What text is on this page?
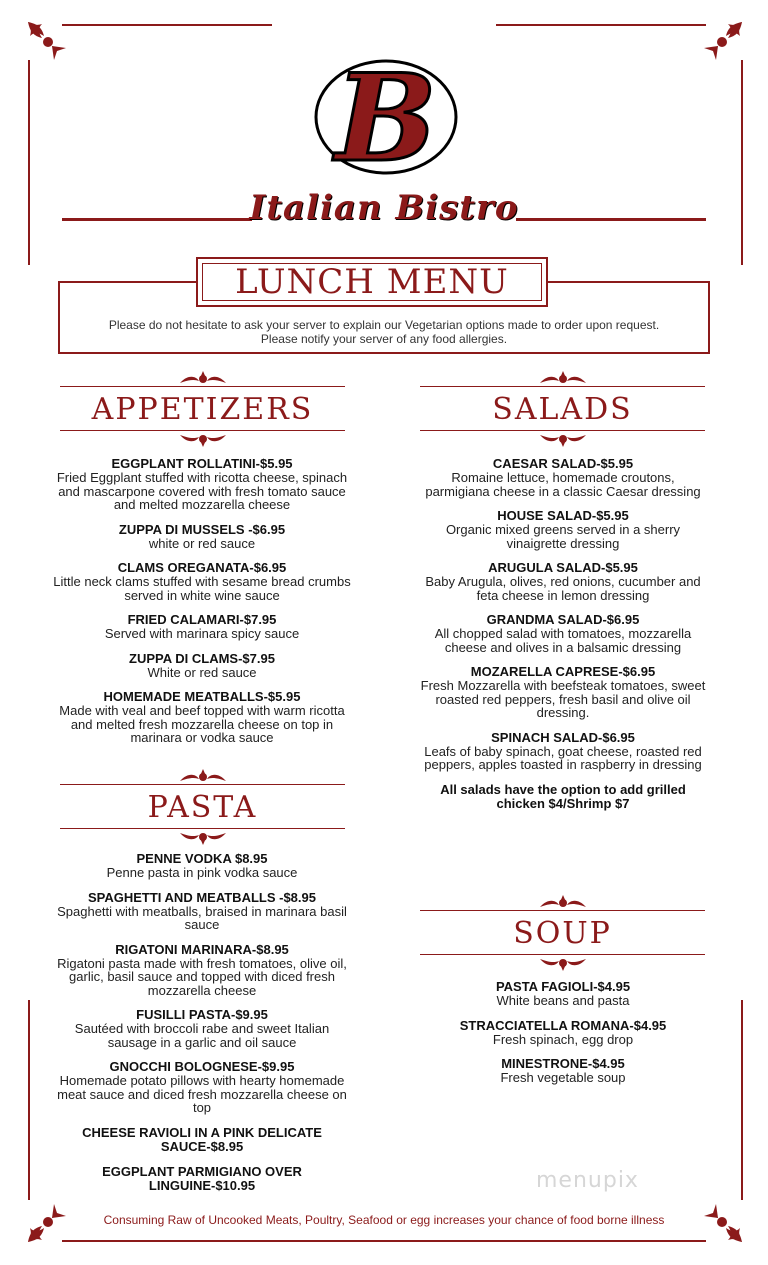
B
Italian Bistro
LUNCH MENU
Please do not hesitate to ask your server to explain our Vegetarian options made to order upon request.
Please notify your server of any food allergies.
APPETIZERS	SALADS
PASTA
SOUP
EGGPLANT ROLLATINI-$5.95
Fried Eggplant stuffed with ricotta cheese, spinach and mascarpone covered with fresh tomato sauce and melted mozzarella cheese
ZUPPA DI MUSSELS -$6.95
white or red sauce
CLAMS OREGANATA-$6.95
Little neck clams stuffed with sesame bread crumbs served in white wine sauce
FRIED CALAMARI-$7.95
Served with marinara spicy sauce
ZUPPA DI CLAMS-$7.95
White or red sauce
HOMEMADE MEATBALLS-$5.95
Made with veal and beef topped with warm ricotta and melted fresh mozzarella cheese on top in marinara or vodka sauce
PENNE VODKA $8.95
Penne pasta in pink vodka sauce
SPAGHETTI AND MEATBALLS -$8.95
Spaghetti with meatballs, braised in marinara basil sauce
RIGATONI MARINARA-$8.95
Rigatoni pasta made with fresh tomatoes, olive oil, garlic, basil sauce and topped with diced fresh mozzarella cheese
FUSILLI PASTA-$9.95
Sautéed with broccoli rabe and sweet Italian sausage in a garlic and oil sauce
GNOCCHI BOLOGNESE-$9.95
Homemade potato pillows with hearty homemade meat sauce and diced fresh mozzarella cheese on top
CHEESE RAVIOLI IN A PINK DELICATE SAUCE-$8.95
EGGPLANT PARMIGIANO OVER LINGUINE-$10.95
CAESAR SALAD-$5.95
Romaine lettuce, homemade croutons, parmigiana cheese in a classic Caesar dressing
HOUSE SALAD-$5.95
Organic mixed greens served in a sherry vinaigrette dressing
ARUGULA SALAD-$5.95
Baby Arugula, olives, red onions, cucumber and feta cheese in lemon dressing
GRANDMA SALAD-$6.95
All chopped salad with tomatoes, mozzarella cheese and olives in a balsamic dressing
MOZARELLA CAPRESE-$6.95
Fresh Mozzarella with beefsteak tomatoes, sweet roasted red peppers, fresh basil and olive oil dressing.
SPINACH SALAD-$6.95
Leafs of baby spinach, goat cheese, roasted red peppers, apples toasted in raspberry in dressing
All salads have the option to add grilled chicken $4/Shrimp $7
PASTA FAGIOLI-$4.95
White beans and pasta
STRACCIATELLA ROMANA-$4.95
Fresh spinach, egg drop
MINESTRONE-$4.95
Fresh vegetable soup
menupix
Consuming Raw of Uncooked Meats, Poultry, Seafood or egg increases your chance of food borne illness
